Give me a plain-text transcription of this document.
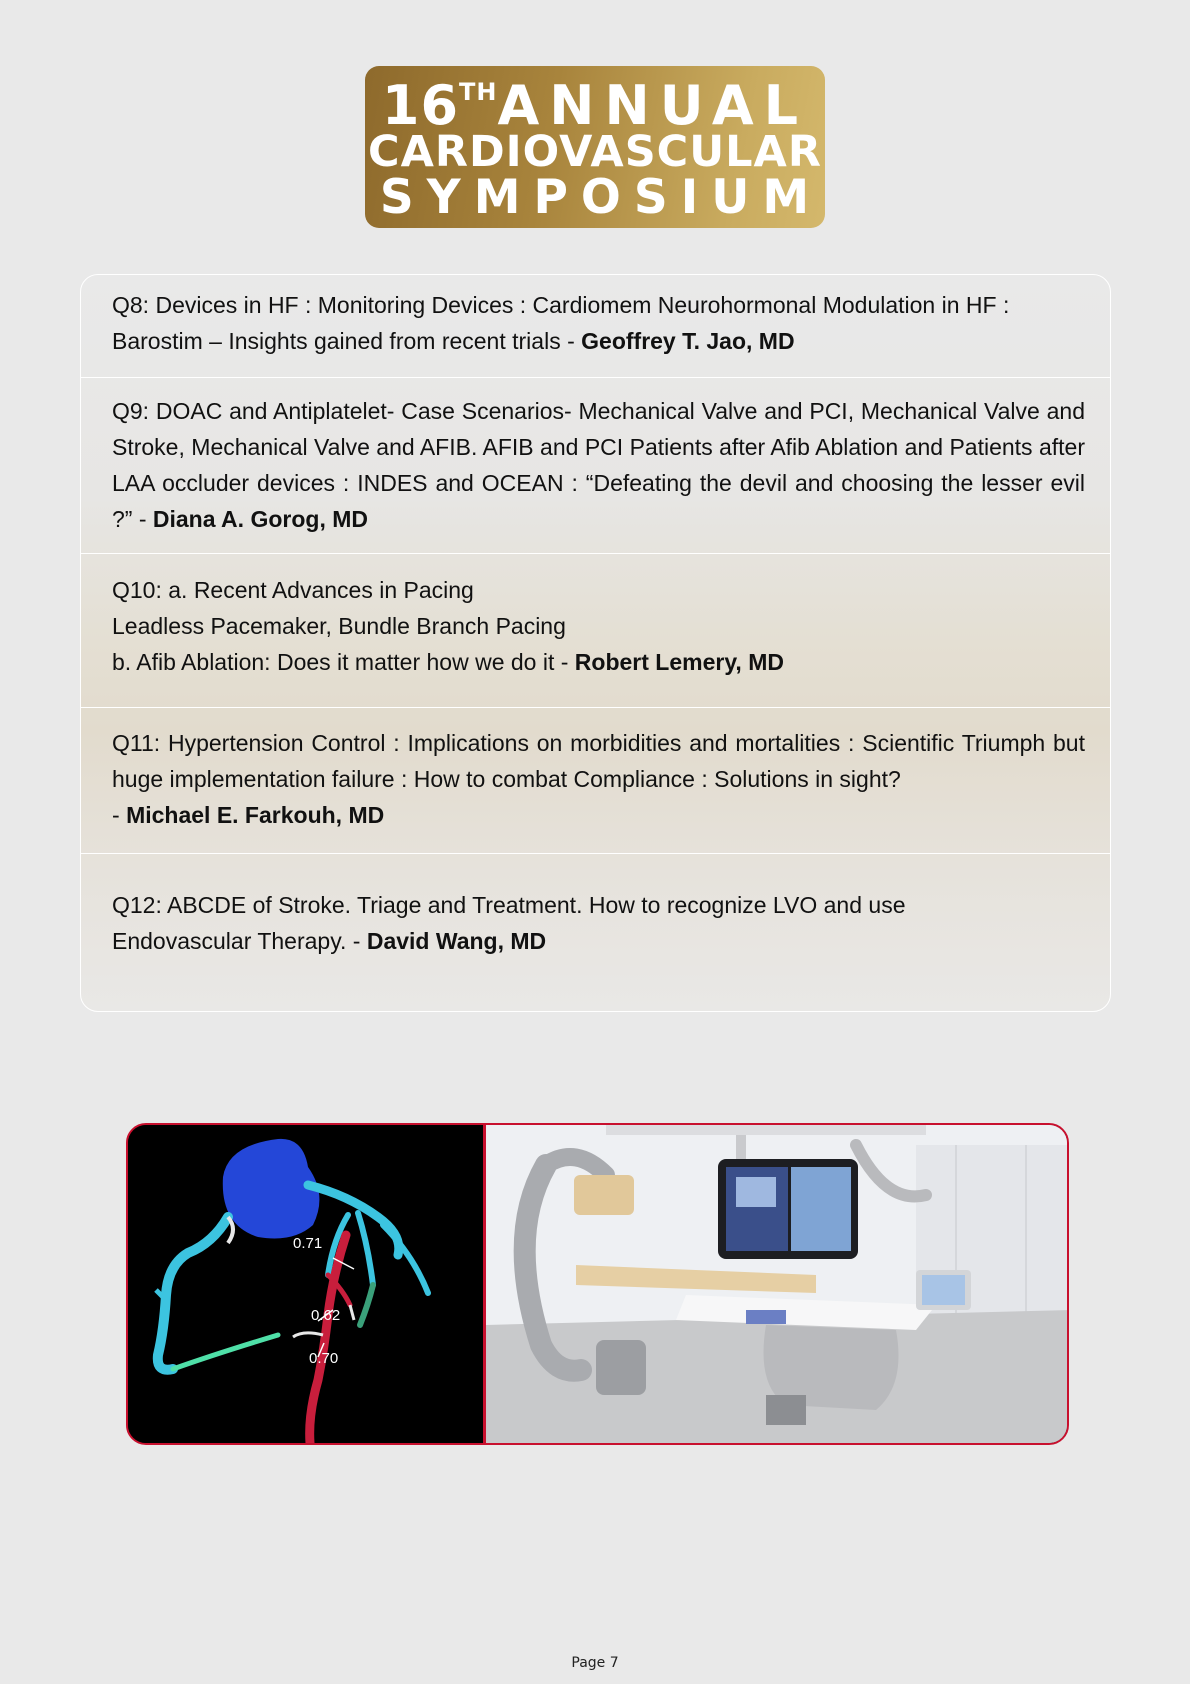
16THANNUAL
CARDIOVASCULAR
SYMPOSIUM

Q8: Devices in HF : Monitoring Devices : Cardiomem Neurohormonal Modulation in HF : Barostim – Insights gained from recent trials - Geoffrey T. Jao, MD

Q9: DOAC and Antiplatelet- Case Scenarios- Mechanical Valve and PCI, Mechanical Valve and Stroke, Mechanical Valve and AFIB. AFIB and PCI Patients after Afib Ablation and Patients after LAA occluder devices : INDES and OCEAN : “Defeating the devil and choosing the lesser evil ?” - Diana A. Gorog, MD

Q10: a. Recent Advances in Pacing

Leadless Pacemaker, Bundle Branch Pacing

b. Afib Ablation: Does it matter how we do it - Robert Lemery, MD

Q11: Hypertension Control : Implications on morbidities and mortalities : Scientific Triumph but huge implementation failure : How to combat Compliance : Solutions in sight?

- Michael E. Farkouh, MD

Q12: ABCDE of Stroke. Triage and Treatment. How to recognize LVO and use

Endovascular Therapy. - David Wang, MD

0.71
0.62
0.70
Page 7
